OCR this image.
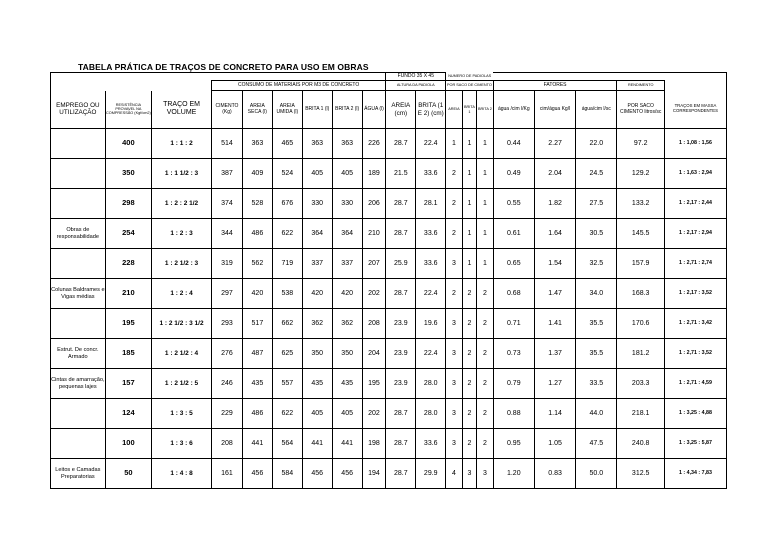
TABELA PRÁTICA DE TRAÇOS DE CONCRETO PARA USO EM OBRAS
									FUNDO 35 X 45		NUMERO DE PADIOLAS							
			CONSUMO DE MATERIAIS POR M3 DE CONCRETO						ALTURA DA PADIOLA		POR SACO DE CIMENTO			FATORES			RENDIMENTO	
EMPREGO OU UTILIZAÇÃO	RESISTÊNCIA PROVAVEL NA COMPRESSÃO (Kgf/cm2)	TRAÇO EM VOLUME	CIMENTO (Kg)	AREIA SECA (l)	AREIA UMIDA (l)	BRITA 1 (l)	BRITA 2 (l)	ÁGUA (l)	AREIA (cm)	BRITA (1 E 2) (cm)	AREIA	BRITA 1	BRITA 2	água /cim l/Kg	cim/água Kg/l	água/cim l/sc	POR SACO CIMENTO litros/sc	TRAÇOS EM MASSA CORRESPONDENTES
	400	1 : 1 : 2	514	363	465	363	363	226	28.7	22.4	1	1	1	0.44	2.27	22.0	97.2	1 : 1,08 : 1,56
	350	1 : 1 1/2 : 3	387	409	524	405	405	189	21.5	33.6	2	1	1	0.49	2.04	24.5	129.2	1 : 1,63 : 2,94
	298	1 : 2 : 2 1/2	374	528	676	330	330	206	28.7	28.1	2	1	1	0.55	1.82	27.5	133.2	1 : 2,17 : 2,44
Obras de responsabilidade	254	1 : 2 : 3	344	486	622	364	364	210	28.7	33.6	2	1	1	0.61	1.64	30.5	145.5	1 : 2,17 : 2,94
	228	1 : 2 1/2 : 3	319	562	719	337	337	207	25.9	33.6	3	1	1	0.65	1.54	32.5	157.9	1 : 2,71 : 2,74
Colunas Baldrames e Vigas médias	210	1 : 2 : 4	297	420	538	420	420	202	28.7	22.4	2	2	2	0.68	1.47	34.0	168.3	1 : 2,17 : 3,52
	195	1 : 2 1/2 : 3 1/2	293	517	662	362	362	208	23.9	19.6	3	2	2	0.71	1.41	35.5	170.6	1 : 2,71 : 3,42
Estrut. De concr. Armado	185	1 : 2 1/2 : 4	276	487	625	350	350	204	23.9	22.4	3	2	2	0.73	1.37	35.5	181.2	1 : 2,71 : 3,52
Cintas de amarração, pequenas lajes	157	1 : 2 1/2 : 5	246	435	557	435	435	195	23.9	28.0	3	2	2	0.79	1.27	33.5	203.3	1 : 2,71 : 4,59
	124	1 : 3 : 5	229	486	622	405	405	202	28.7	28.0	3	2	2	0.88	1.14	44.0	218.1	1 : 3,25 : 4,88
	100	1 : 3 : 6	208	441	564	441	441	198	28.7	33.6	3	2	2	0.95	1.05	47.5	240.8	1 : 3,25 : 5,87
Leitos e Camadas Preparatorias	50	1 : 4 : 8	161	456	584	456	456	194	28.7	29.9	4	3	3	1.20	0.83	50.0	312.5	1 : 4,34 : 7,83
